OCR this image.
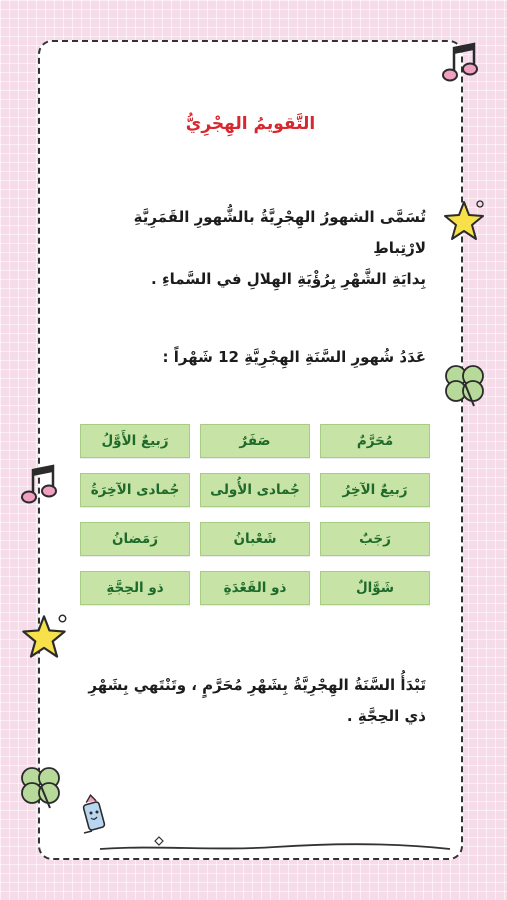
التَّقويمُ الهِجْرِيُّ
تُسَمَّى الشهورُ الهِجْرِيَّةُ بالشُّهورِ القَمَرِيَّةِ لارْتِباطِ
بِدايَةِ الشَّهْرِ بِرُؤْيَةِ الهِلالِ في السَّماءِ .
عَدَدُ شُهورِ السَّنَةِ الهِجْرِيَّةِ 12 شَهْراً :
مُحَرَّمٌ
صَفَرٌ
رَبيعٌ الأَوَّلُ
رَبيعٌ الآخِرُ
جُمادى الأُولى
جُمادى الآخِرَةُ
رَجَبٌ
شَعْبانُ
رَمَضانُ
شَوَّالٌ
ذو القَعْدَةِ
ذو الحِجَّةِ
تَبْدَأُ السَّنَةُ الهِجْرِيَّةُ بِشَهْرِ مُحَرَّمٍ ، وتَنْتَهي بِشَهْرِ ذي الحِجَّةِ .
